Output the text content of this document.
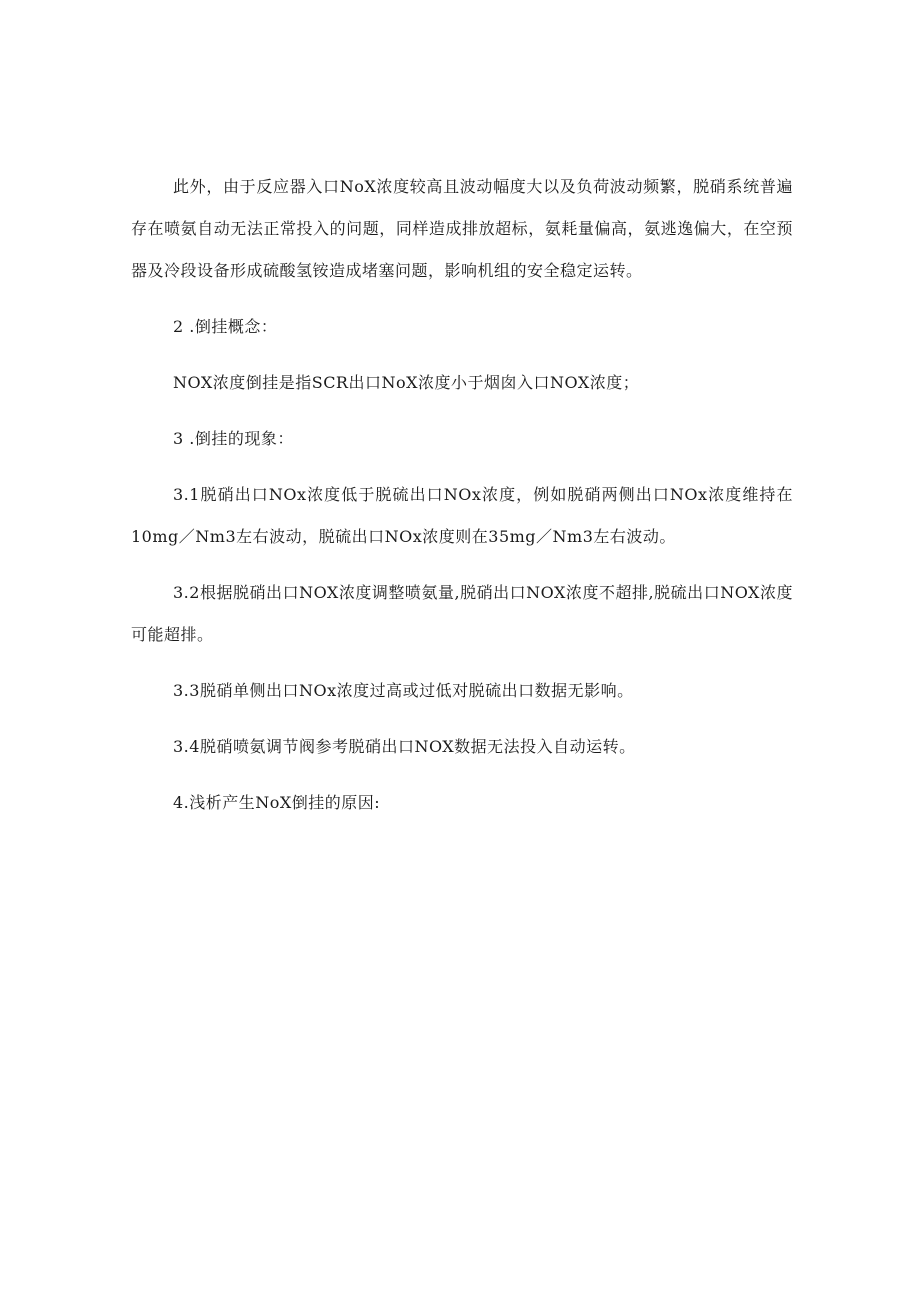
此外，由于反应器入口NoX浓度较高且波动幅度大以及负荷波动频繁，脱硝系统普遍存在喷氨自动无法正常投入的问题，同样造成排放超标，氨耗量偏高，氨逃逸偏大，在空预器及冷段设备形成硫酸氢铵造成堵塞问题，影响机组的安全稳定运转。

2 .倒挂概念：

NOX浓度倒挂是指SCR出口NoX浓度小于烟囱入口NOX浓度；

3 .倒挂的现象：

3.1脱硝出口NOx浓度低于脱硫出口NOx浓度，例如脱硝两侧出口NOx浓度维持在10mg／Nm3左右波动，脱硫出口NOx浓度则在35mg／Nm3左右波动。

3.2根据脱硝出口NOX浓度调整喷氨量,脱硝出口NOX浓度不超排,脱硫出口NOX浓度可能超排。

3.3脱硝单侧出口NOx浓度过高或过低对脱硫出口数据无影响。

3.4脱硝喷氨调节阀参考脱硝出口NOX数据无法投入自动运转。

4.浅析产生NoX倒挂的原因:
